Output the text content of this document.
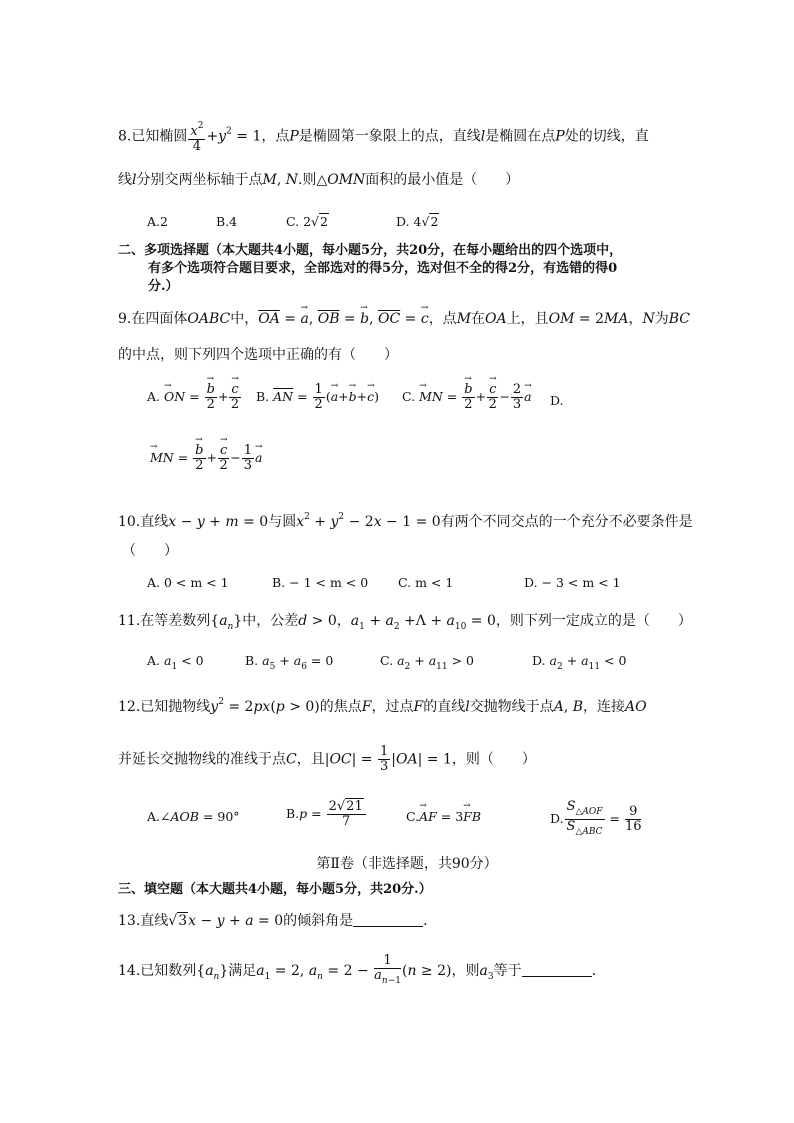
8.已知椭圆 $\frac{x^2}{4} +y^2 = 1$，点P是椭圆第一象限上的点，直线l是椭圆在点P处的切线，直
线l分别交两坐标轴于点M, N.则△OMN面积的最小值是（　　）
A.2	B.4	C. 2√2	D. 4√2
二、多项选择题（本大题共4小题，每小题5分，共20分，在每小题给出的四个选项中，
有多个选项符合题目要求，全部选对的得5分，选对但不全的得2分，有选错的得0
分.）
9.在四面体OABC中，$\overline{OA}$ = → a, $\overline{OB}$ = → b, $\overline{OC}$ = → c，点M在OA上，且OM = 2MA，N为BC
的中点，则下列四个选项中正确的有（　　）
A. → ON = → $\frac{b}{2}$ + → $\frac{c}{2} B$. $\overline{AN} = \frac{1}{2}$ (→ a+→ b+→ c) C. → MN = → $\frac{b}{2}$ + → $\frac{c}{2} - \frac{2}{3} \to a$ D.
→ MN = → $\frac{b}{2}$ + → $\frac{c}{2} - \frac{1}{3} \to a$
10.直线x − y + m = 0与圆$x^2 + y^2 - 2x - 1 = 0$有两个不同交点的一个充分不必要条件是
（　　）
A. 0 < m < 1	B. − 1 < m < 0 C. m < 1	D. − 3 < m < 1
11.在等差数列$\{a_n\}$中，公差d > 0，$a_1 + a_2 +\Lambda + a_{10} = 0$，则下列一定成立的是（　　）
A. $a_1 < 0$	B. $a_5 + a_6 = 0$	C. $a_2 + a_{11} > 0$	D. $a_2 + a_{11} < 0$
12.已知抛物线$y^2 = 2px(p > 0)$的焦点F，过点F的直线l交抛物线于点A, B，连接AO
并延长交抛物线的准线于点C，且$|OC| = \frac{1}{3} |OA| = 1$，则（　　）
A.∠AOB = 90°	$B.p = \frac{2√21}{7}$	C.→ AF = 3→ FB	D. $\frac{S_{\triangle AOF}}{S_{\triangle ABC}} = \frac{9}{16}$
第Ⅱ卷（非选择题，共90分）
三、填空题（本大题共4小题，每小题5分，共20分.）
13.直线√3x − y + a = 0的倾斜角是	.
14.已知数列$\{a_n\}$满足$a_1 = 2$, $a_n = 2 - \frac{1}{a_{n-1}} (n \ge 2)$，则$a_3$等于	.
